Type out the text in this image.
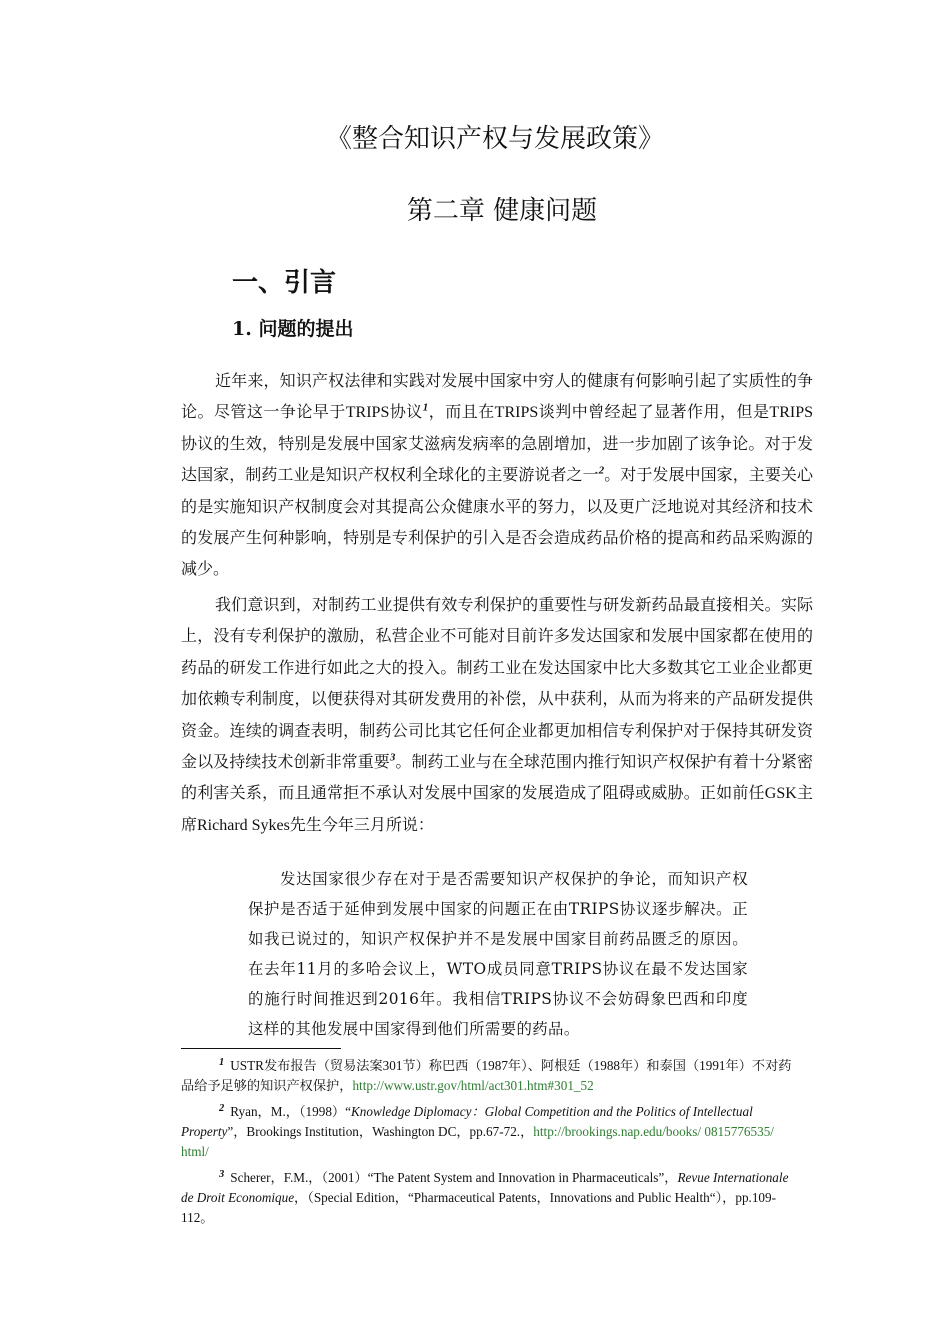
《整合知识产权与发展政策》
第二章 健康问题
一、引言
1. 问题的提出
近年来，知识产权法律和实践对发展中国家中穷人的健康有何影响引起了实质性的争论。尽管这一争论早于TRIPS协议$^1$，而且在TRIPS谈判中曾经起了显著作用，但是TRIPS协议的生效，特别是发展中国家艾滋病发病率的急剧增加，进一步加剧了该争论。对于发达国家，制药工业是知识产权权利全球化的主要游说者之一$^2$。对于发展中国家，主要关心的是实施知识产权制度会对其提高公众健康水平的努力，以及更广泛地说对其经济和技术的发展产生何种影响，特别是专利保护的引入是否会造成药品价格的提高和药品采购源的减少。
我们意识到，对制药工业提供有效专利保护的重要性与研发新药品最直接相关。实际上，没有专利保护的激励，私营企业不可能对目前许多发达国家和发展中国家都在使用的药品的研发工作进行如此之大的投入。制药工业在发达国家中比大多数其它工业企业都更加依赖专利制度，以便获得对其研发费用的补偿，从中获利，从而为将来的产品研发提供资金。连续的调查表明，制药公司比其它任何企业都更加相信专利保护对于保持其研发资金以及持续技术创新非常重要$^3$。制药工业与在全球范围内推行知识产权保护有着十分紧密的利害关系，而且通常拒不承认对发展中国家的发展造成了阻碍或威胁。正如前任GSK主席Richard Sykes先生今年三月所说：
发达国家很少存在对于是否需要知识产权保护的争论，而知识产权保护是否适于延伸到发展中国家的问题正在由TRIPS协议逐步解决。正如我已说过的，知识产权保护并不是发展中国家目前药品匮乏的原因。在去年11月的多哈会议上，WTO成员同意TRIPS协议在最不发达国家的施行时间推迟到2016年。我相信TRIPS协议不会妨碍象巴西和印度这样的其他发展中国家得到他们所需要的药品。
$^1$ USTR发布报告（贸易法案301节）称巴西（1987年）、阿根廷（1988年）和泰国（1991年）不对药品给予足够的知识产权保护，http://www.ustr.gov/html/act301.htm#301_52
$^2$ Ryan，M.，（1998）“Knowledge Diplomacy：Global Competition and the Politics of Intellectual Property”，Brookings Institution，Washington DC，pp.67-72.，http://brookings.nap.edu/books/ 0815776535/ html/
$^3$ Scherer，F.M.，（2001）“The Patent System and Innovation in Pharmaceuticals”，Revue Internationale de Droit Economique，（Special Edition，“Pharmaceutical Patents，Innovations and Public Health“），pp.109-112。
